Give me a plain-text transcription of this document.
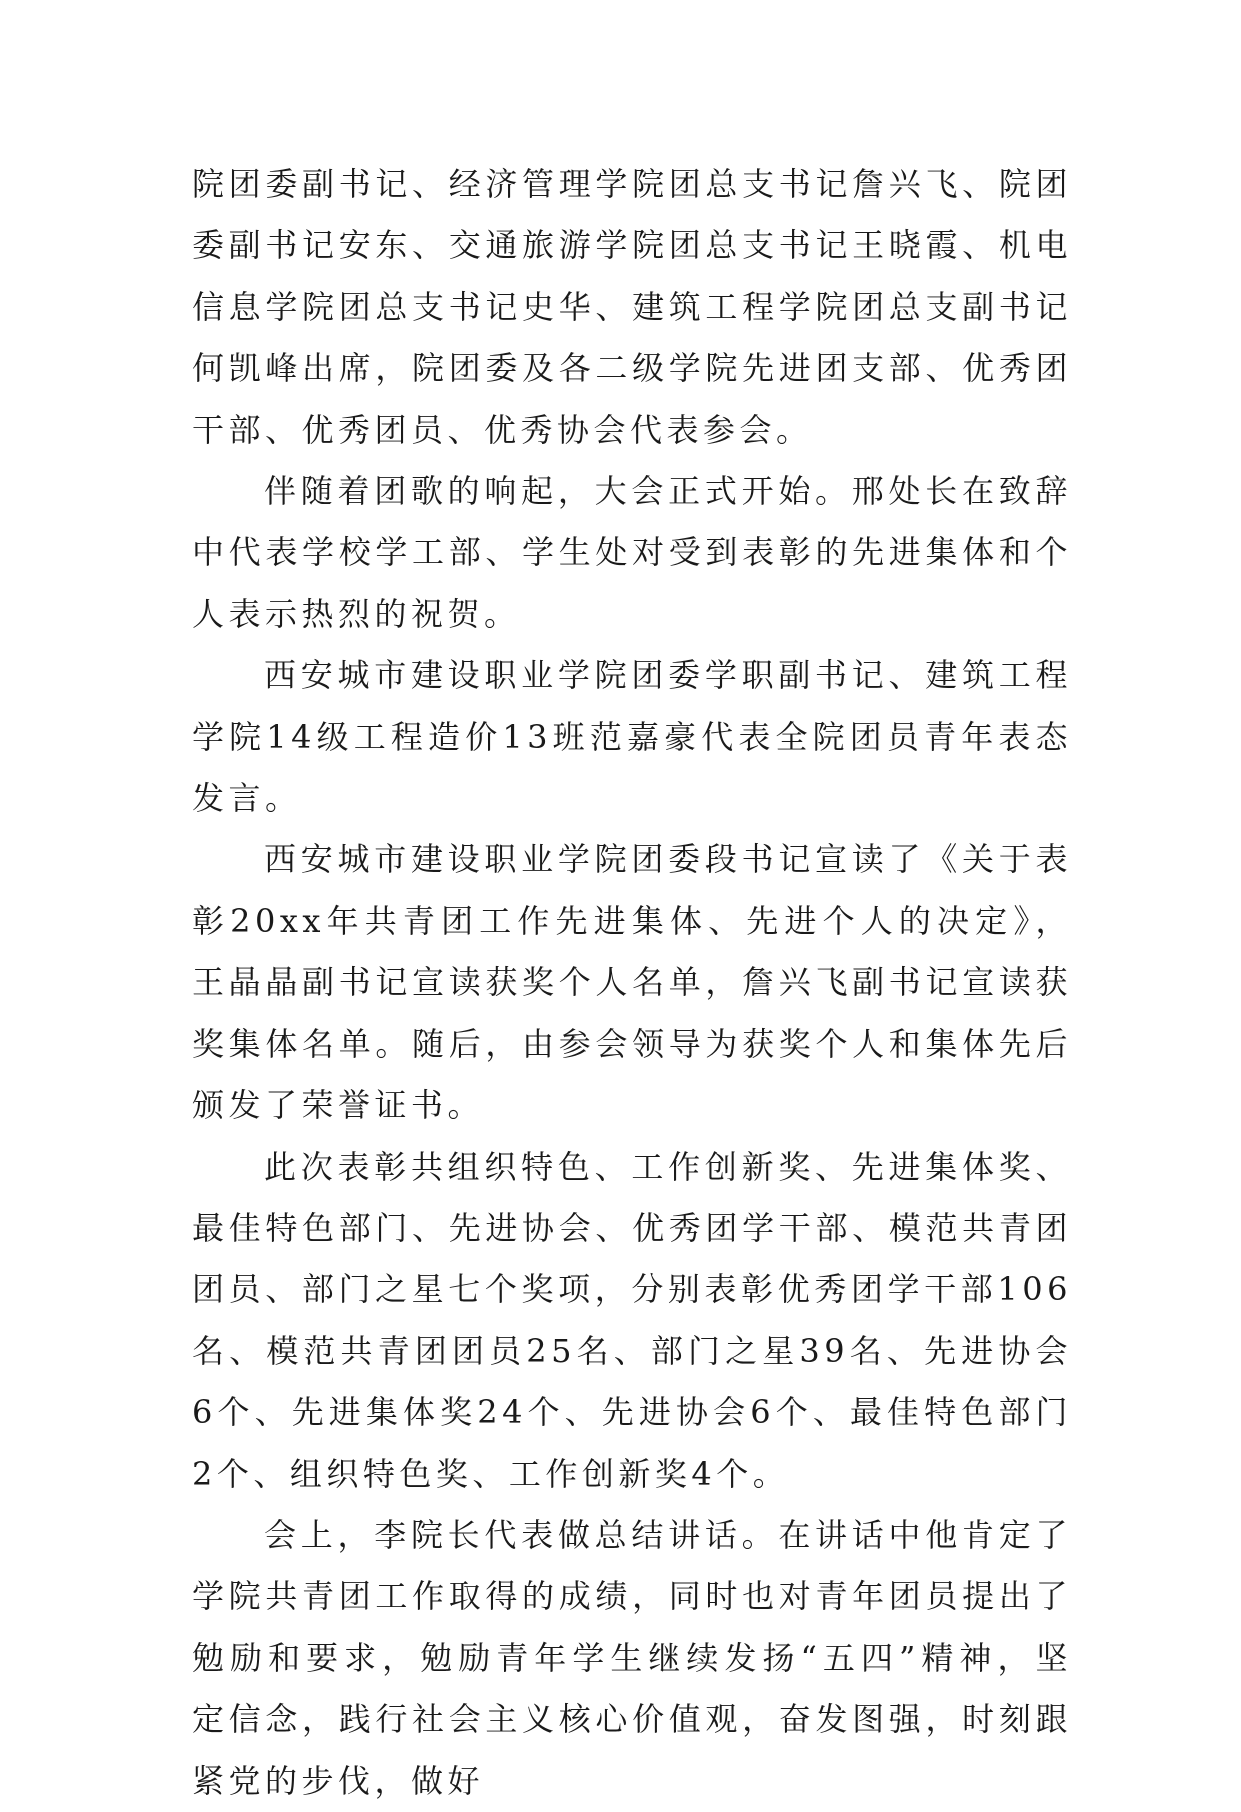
院团委副书记、经济管理学院团总支书记詹兴飞、院团委副书记安东、交通旅游学院团总支书记王晓霞、机电信息学院团总支书记史华、建筑工程学院团总支副书记何凯峰出席，院团委及各二级学院先进团支部、优秀团干部、优秀团员、优秀协会代表参会。

伴随着团歌的响起，大会正式开始。邢处长在致辞中代表学校学工部、学生处对受到表彰的先进集体和个人表示热烈的祝贺。

西安城市建设职业学院团委学职副书记、建筑工程学院14级工程造价13班范嘉豪代表全院团员青年表态发言。

西安城市建设职业学院团委段书记宣读了《关于表彰20xx年共青团工作先进集体、先进个人的决定》，王晶晶副书记宣读获奖个人名单，詹兴飞副书记宣读获奖集体名单。随后，由参会领导为获奖个人和集体先后颁发了荣誉证书。

此次表彰共组织特色、工作创新奖、先进集体奖、最佳特色部门、先进协会、优秀团学干部、模范共青团团员、部门之星七个奖项，分别表彰优秀团学干部106 名、模范共青团团员25名、部门之星39名、先进协会6个、先进集体奖24个、先进协会6个、最佳特色部门2个、组织特色奖、工作创新奖4个。

会上，李院长代表做总结讲话。在讲话中他肯定了学院共青团工作取得的成绩，同时也对青年团员提出了勉励和要求，勉励青年学生继续发扬“五四”精神，坚定信念，践行社会主义核心价值观，奋发图强，时刻跟紧党的步伐，做好
